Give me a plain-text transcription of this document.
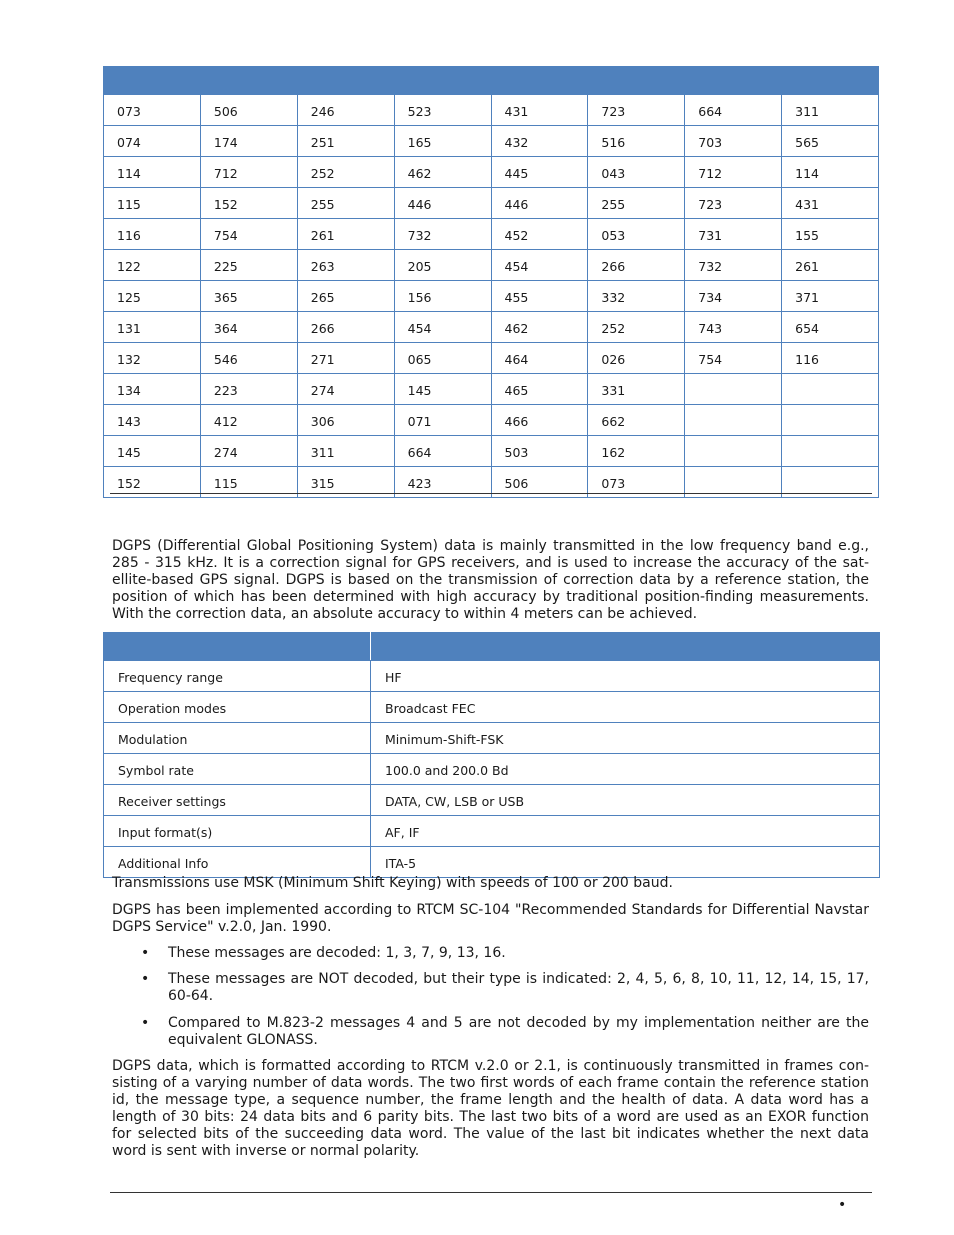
073	506	246	523	431	723	664	311
074	174	251	165	432	516	703	565
114	712	252	462	445	043	712	114
115	152	255	446	446	255	723	431
116	754	261	732	452	053	731	155
122	225	263	205	454	266	732	261
125	365	265	156	455	332	734	371
131	364	266	454	462	252	743	654
132	546	271	065	464	026	754	116
134	223	274	145	465	331		
143	412	306	071	466	662		
145	274	311	664	503	162		
152	115	315	423	506	073		

DGPS (Differential Global Positioning System) data is mainly transmitted in the low frequency band e.g., 285 - 315 kHz. It is a correction signal for GPS receivers, and is used to increase the accuracy of the sat-ellite-based GPS signal. DGPS is based on the transmission of correction data by a reference station, the position of which has been determined with high accuracy by traditional position-finding measurements. With the correction data, an absolute accuracy to within 4 meters can be achieved.

Frequency range	HF
Operation modes	Broadcast FEC
Modulation	Minimum-Shift-FSK
Symbol rate	100.0 and 200.0 Bd
Receiver settings	DATA, CW, LSB or USB
Input format(s)	AF, IF
Additional Info	ITA-5

Transmissions use MSK (Minimum Shift Keying) with speeds of 100 or 200 baud.

DGPS has been implemented according to RTCM SC-104 "Recommended Standards for Differential Navstar DGPS Service" v.2.0, Jan. 1990.

• These messages are decoded: 1, 3, 7, 9, 13, 16.
• These messages are NOT decoded, but their type is indicated: 2, 4, 5, 6, 8, 10, 11, 12, 14, 15, 17, 60-64.
• Compared to M.823-2 messages 4 and 5 are not decoded by my implementation neither are the equivalent GLONASS.

DGPS data, which is formatted according to RTCM v.2.0 or 2.1, is continuously transmitted in frames con-sisting of a varying number of data words. The two first words of each frame contain the reference station id, the message type, a sequence number, the frame length and the health of data. A data word has a length of 30 bits: 24 data bits and 6 parity bits. The last two bits of a word are used as an EXOR function for selected bits of the succeeding data word. The value of the last bit indicates whether the next data word is sent with inverse or normal polarity.

•
